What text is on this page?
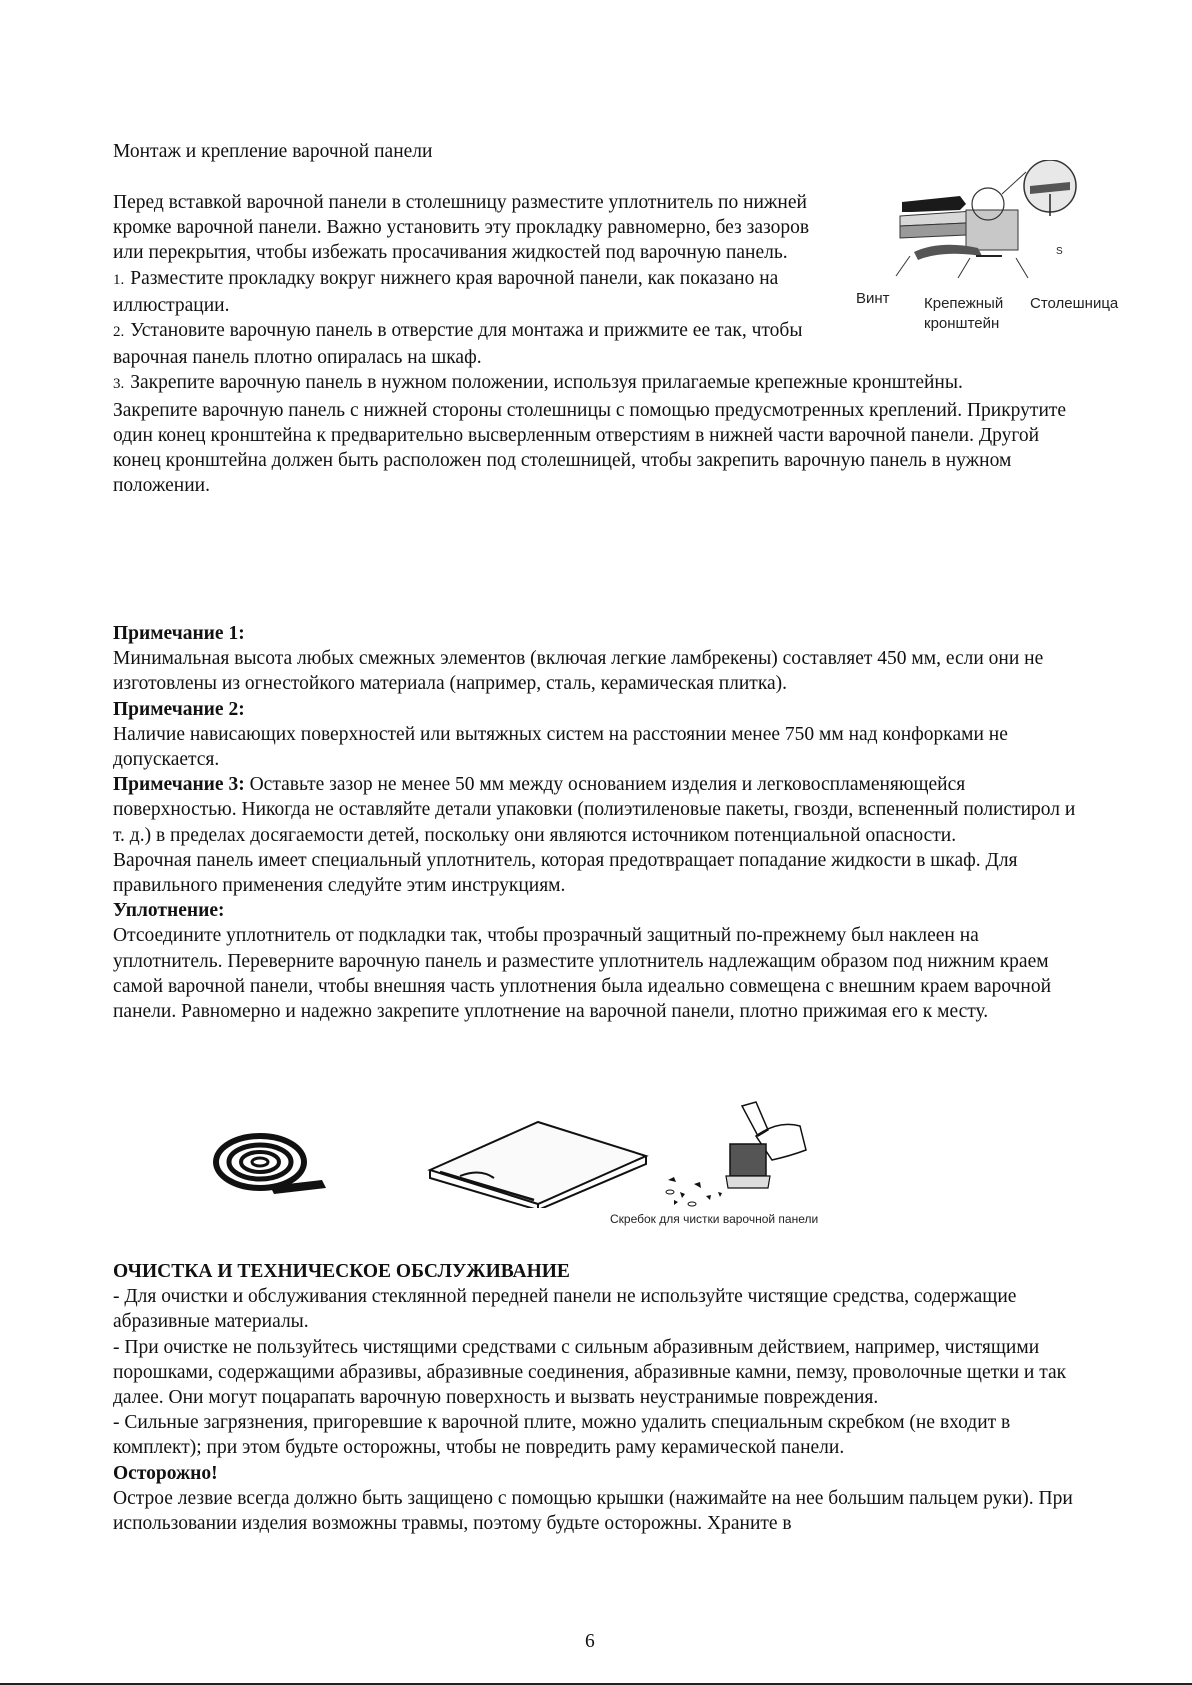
Монтаж и крепление варочной панели

Перед вставкой варочной панели в столешницу разместите уплотнитель по нижней кромке варочной панели. Важно установить эту прокладку равномерно, без зазоров или перекрытия, чтобы избежать просачивания жидкостей под варочную панель.

1. Разместите прокладку вокруг нижнего края варочной панели, как показано на иллюстрации.

2. Установите варочную панель в отверстие для монтажа и прижмите ее так, чтобы варочная панель плотно опиралась на шкаф.

3. Закрепите варочную панель в нужном положении, используя прилагаемые крепежные кронштейны.

Закрепите варочную панель с нижней стороны столешницы с помощью предусмотренных креплений. Прикрутите один конец кронштейна к предварительно высверленным отверстиям в нижней части варочной панели. Другой конец кронштейна должен быть расположен под столешницей, чтобы закрепить варочную панель в нужном положении.

S
Винт Крепежный
кронштейн
Столешница

Примечание 1:

Минимальная высота любых смежных элементов (включая легкие ламбрекены) составляет 450 мм, если они не изготовлены из огнестойкого материала (например, сталь, керамическая плитка).

Примечание 2:

Наличие нависающих поверхностей или вытяжных систем на расстоянии менее 750 мм над конфорками не допускается.

Примечание 3: Оставьте зазор не менее 50 мм между основанием изделия и легковоспламеняющейся поверхностью. Никогда не оставляйте детали упаковки (полиэтиленовые пакеты, гвозди, вспененный полистирол и т. д.) в пределах досягаемости детей, поскольку они являются источником потенциальной опасности.

Варочная панель имеет специальный уплотнитель, которая предотвращает попадание жидкости в шкаф. Для правильного применения следуйте этим инструкциям.

Уплотнение:

Отсоедините уплотнитель от подкладки так, чтобы прозрачный защитный по-прежнему был наклеен на уплотнитель. Переверните варочную панель и разместите уплотнитель надлежащим образом под нижним краем самой варочной панели, чтобы внешняя часть уплотнения была идеально совмещена с внешним краем варочной панели. Равномерно и надежно закрепите уплотнение на варочной панели, плотно прижимая его к месту.

Скребок для чистки варочной панели

ОЧИСТКА И ТЕХНИЧЕСКОЕ ОБСЛУЖИВАНИЕ

- Для очистки и обслуживания стеклянной передней панели не используйте чистящие средства, содержащие абразивные материалы.

- При очистке не пользуйтесь чистящими средствами с сильным абразивным действием, например, чистящими порошками, содержащими абразивы, абразивные соединения, абразивные камни, пемзу, проволочные щетки и так далее. Они могут поцарапать варочную поверхность и вызвать неустранимые повреждения.

- Сильные загрязнения, пригоревшие к варочной плите, можно удалить специальным скребком (не входит в комплект); при этом будьте осторожны, чтобы не повредить раму керамической панели.

Осторожно!

Острое лезвие всегда должно быть защищено с помощью крышки (нажимайте на нее большим пальцем руки). При использовании изделия возможны травмы, поэтому будьте осторожны. Храните в

6
